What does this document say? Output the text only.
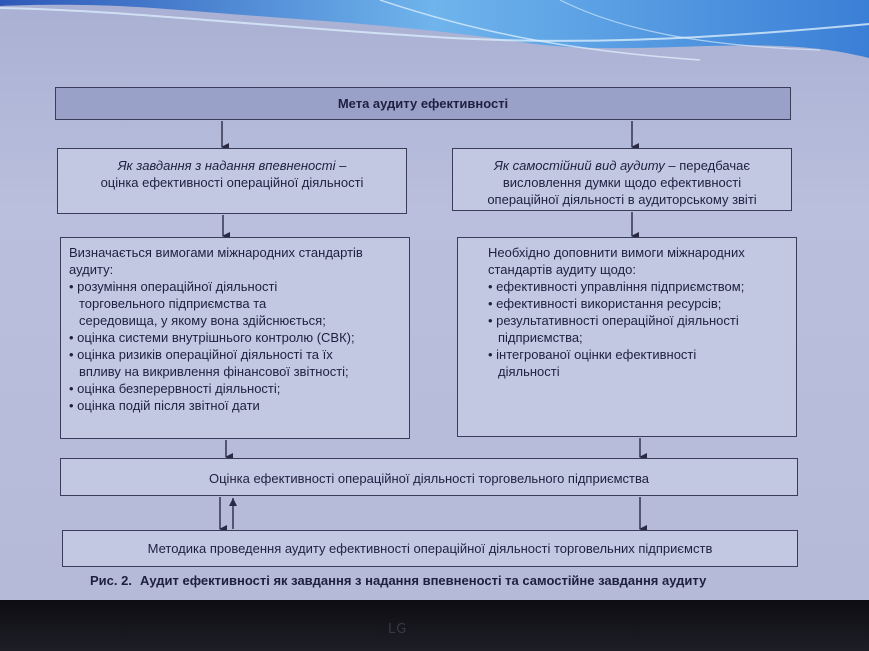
Мета аудиту ефективності
Як завдання з надання впевненості –
оцінка ефективності операційної діяльності
Як самостійний вид аудиту – передбачає
висловлення думки щодо ефективності
операційної діяльності в аудиторському звіті
Визначається вимогами міжнародних стандартів
аудиту:
• розуміння операційної діяльності
торговельного підприємства та
середовища, у якому вона здійснюється;
• оцінка системи внутрішнього контролю (СВК);
• оцінка ризиків операційної діяльності та їх
впливу на викривлення фінансової звітності;
• оцінка безперервності діяльності;
• оцінка подій після звітної дати
Необхідно доповнити вимоги міжнародних
стандартів аудиту щодо:
• ефективності управління підприємством;
• ефективності використання ресурсів;
• результативності операційної діяльності
підприємства;
• інтегрованої оцінки ефективності
діяльності
Оцінка ефективності операційної діяльності торговельного підприємства
Методика проведення аудиту ефективності операційної діяльності торговельних підприємств
Рис. 2. Аудит ефективності як завдання з надання впевненості та самостійне завдання аудиту
LG
